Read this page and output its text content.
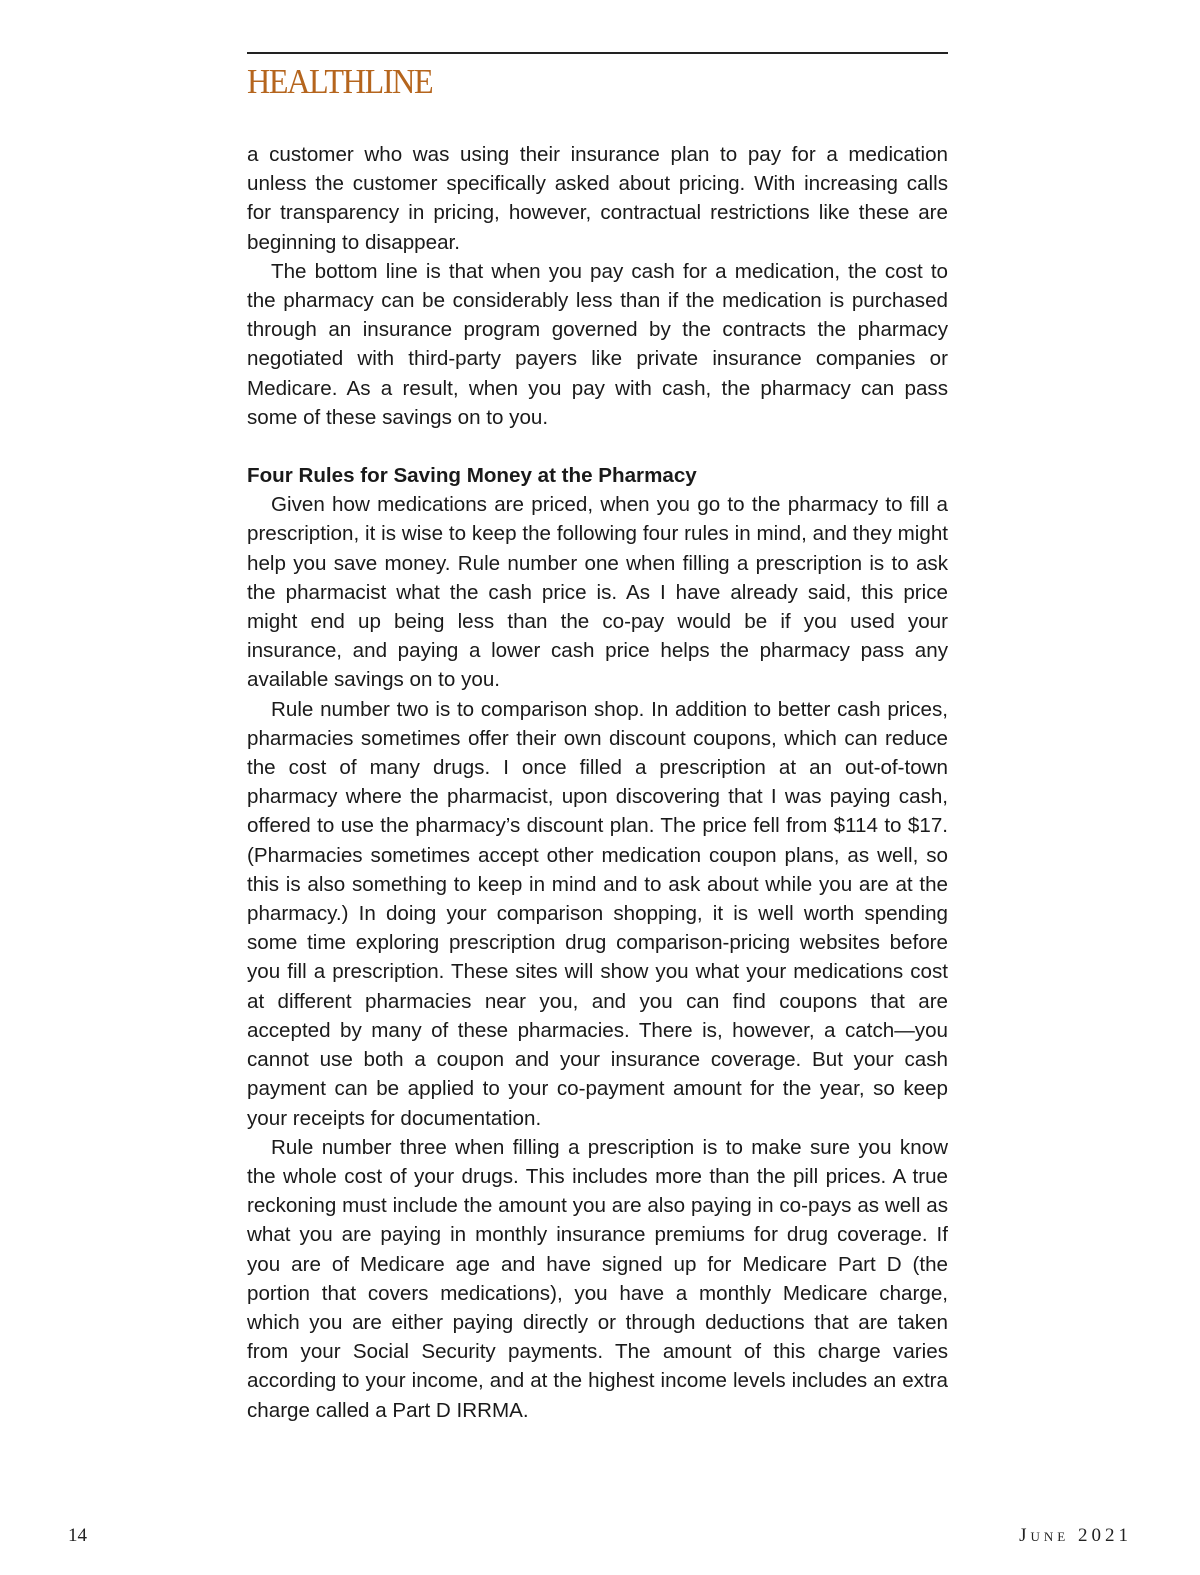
HEALTHLINE

a customer who was using their insurance plan to pay for a medication unless the customer specifically asked about pricing. With increasing calls for transparency in pricing, however, contractual restrictions like these are beginning to disappear.

The bottom line is that when you pay cash for a medication, the cost to the pharmacy can be considerably less than if the medication is purchased through an insurance program governed by the contracts the pharmacy negotiated with third-party payers like private insurance companies or Medicare. As a result, when you pay with cash, the pharmacy can pass some of these savings on to you.

Four Rules for Saving Money at the Pharmacy

Given how medications are priced, when you go to the pharmacy to fill a prescription, it is wise to keep the following four rules in mind, and they might help you save money. Rule number one when filling a prescription is to ask the pharmacist what the cash price is. As I have already said, this price might end up being less than the co-pay would be if you used your insurance, and paying a lower cash price helps the pharmacy pass any available savings on to you.

Rule number two is to comparison shop. In addition to better cash prices, pharmacies sometimes offer their own discount coupons, which can reduce the cost of many drugs. I once filled a prescription at an out-of-town pharmacy where the pharmacist, upon discovering that I was paying cash, offered to use the pharmacy’s discount plan. The price fell from $114 to $17. (Pharmacies sometimes accept other medication coupon plans, as well, so this is also something to keep in mind and to ask about while you are at the pharmacy.) In doing your comparison shopping, it is well worth spending some time exploring prescription drug comparison-pricing websites before you fill a prescription. These sites will show you what your medications cost at different pharmacies near you, and you can find coupons that are accepted by many of these pharmacies. There is, however, a catch—you cannot use both a coupon and your insurance coverage. But your cash payment can be applied to your co-payment amount for the year, so keep your receipts for documentation.

Rule number three when filling a prescription is to make sure you know the whole cost of your drugs. This includes more than the pill prices. A true reckoning must include the amount you are also paying in co-pays as well as what you are paying in monthly insurance premiums for drug coverage. If you are of Medicare age and have signed up for Medicare Part D (the portion that covers medications), you have a monthly Medicare charge, which you are either paying directly or through deductions that are taken from your Social Security payments. The amount of this charge varies according to your income, and at the highest income levels includes an extra charge called a Part D IRRMA.

14	June 2021
